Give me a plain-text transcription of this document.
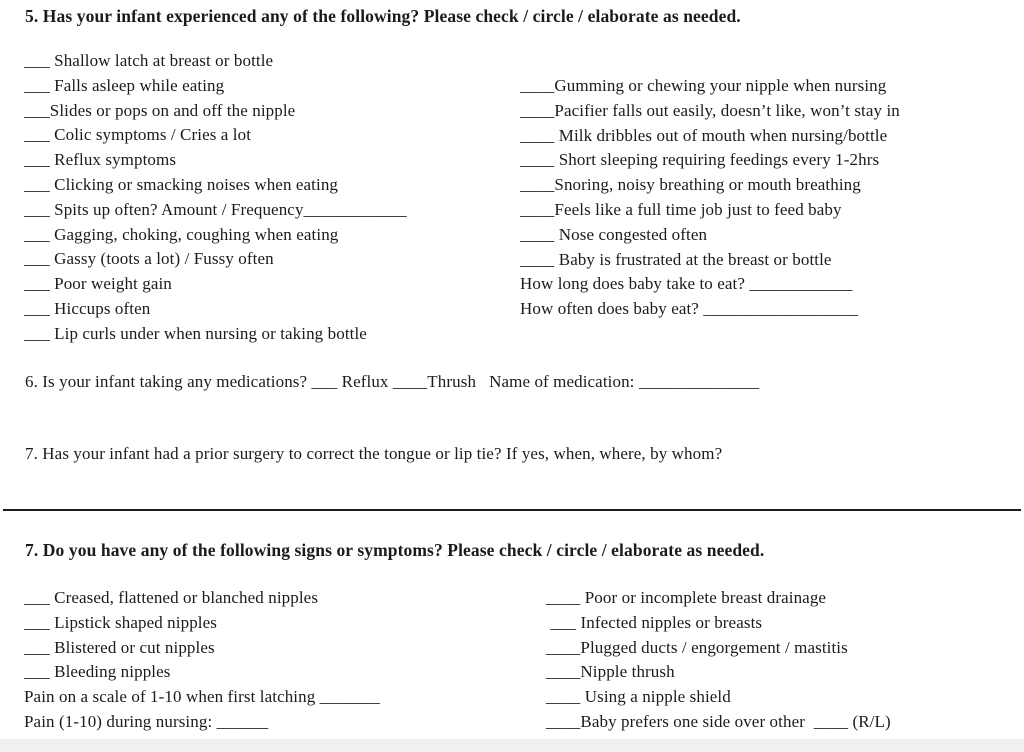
5. Has your infant experienced any of the following? Please check / circle / elaborate as needed.
___ Shallow latch at breast or bottle
___ Falls asleep while eating
___Slides or pops on and off the nipple
___ Colic symptoms / Cries a lot
___ Reflux symptoms
___ Clicking or smacking noises when eating
___ Spits up often? Amount / Frequency____________
___ Gagging, choking, coughing when eating
___ Gassy (toots a lot) / Fussy often
___ Poor weight gain
___ Hiccups often
___ Lip curls under when nursing or taking bottle
____Gumming or chewing your nipple when nursing
____Pacifier falls out easily, doesn’t like, won’t stay in
____ Milk dribbles out of mouth when nursing/bottle
____ Short sleeping requiring feedings every 1-2hrs
____Snoring, noisy breathing or mouth breathing
____Feels like a full time job just to feed baby
____ Nose congested often
____ Baby is frustrated at the breast or bottle
How long does baby take to eat? ____________
How often does baby eat? __________________
6. Is your infant taking any medications? ___ Reflux ____Thrush   Name of medication: ______________
7. Has your infant had a prior surgery to correct the tongue or lip tie? If yes, when, where, by whom?
7. Do you have any of the following signs or symptoms? Please check / circle / elaborate as needed.
___ Creased, flattened or blanched nipples
___ Lipstick shaped nipples
___ Blistered or cut nipples
___ Bleeding nipples
Pain on a scale of 1-10 when first latching _______
Pain (1-10) during nursing: ______
____ Poor or incomplete breast drainage
___ Infected nipples or breasts
____Plugged ducts / engorgement / mastitis
____Nipple thrush
____ Using a nipple shield
____Baby prefers one side over other  ____ (R/L)
